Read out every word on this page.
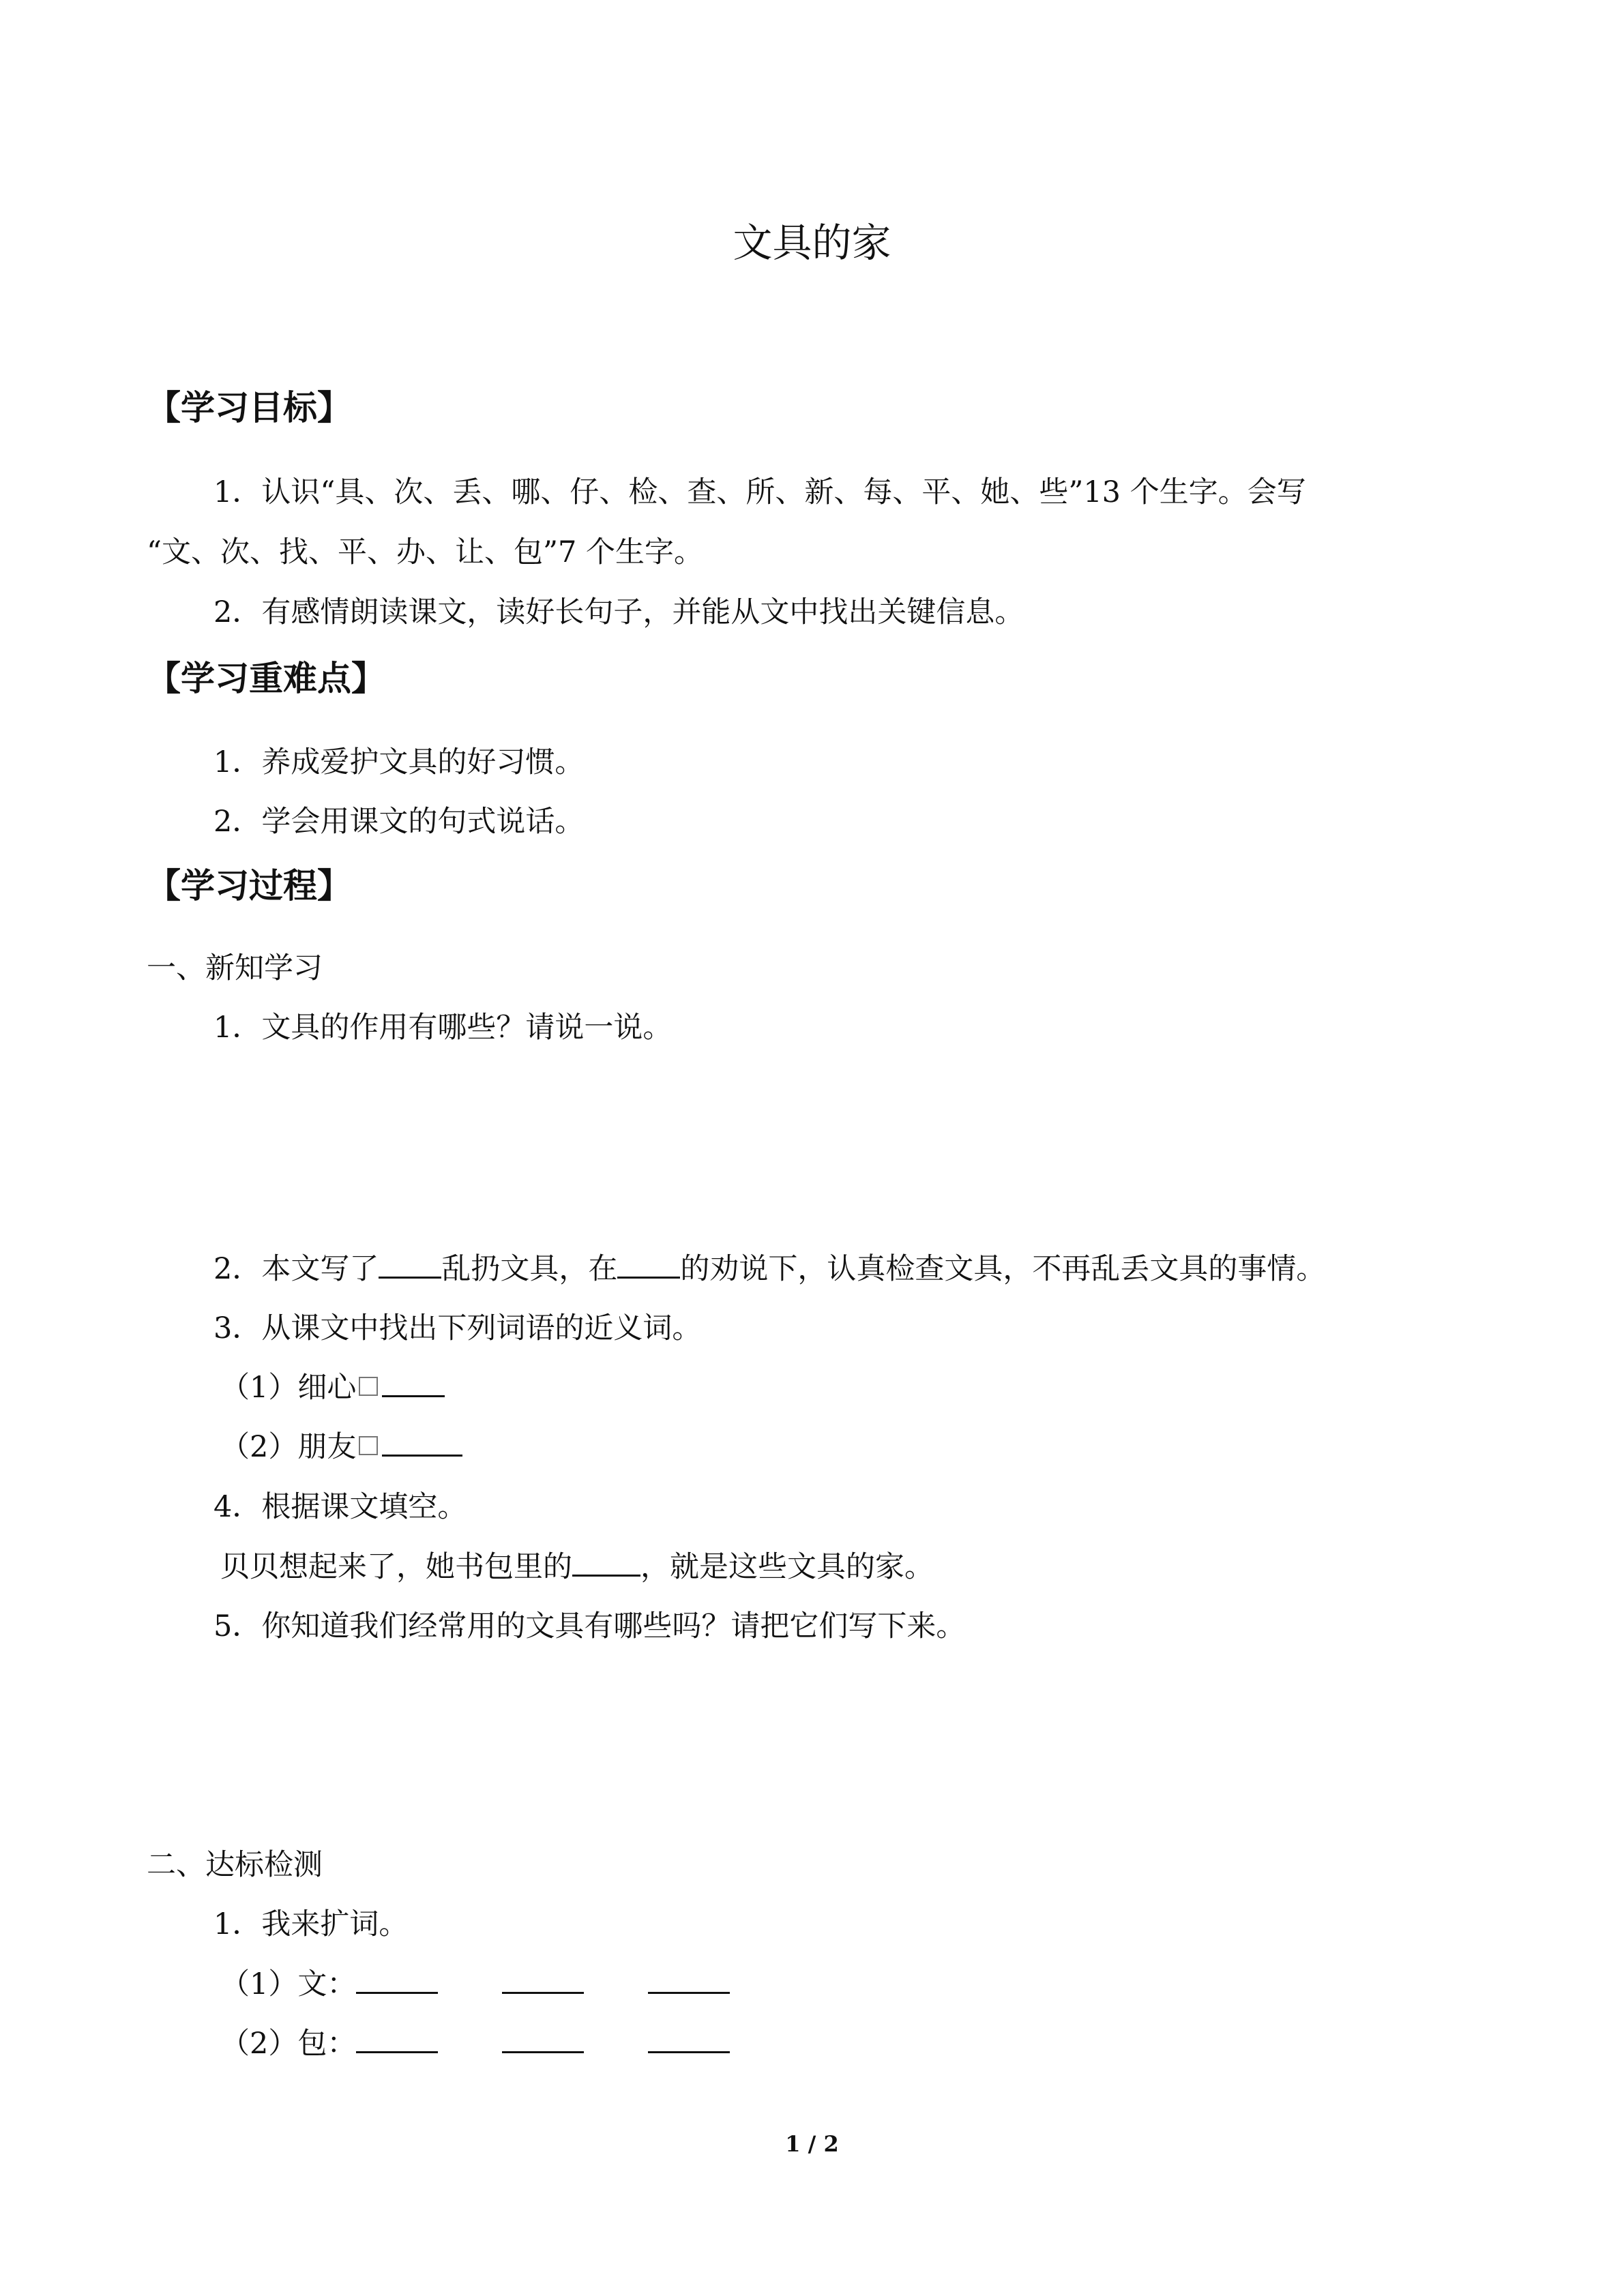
文具的家
【学习目标】
1．认识“具、次、丢、哪、仔、检、查、所、新、每、平、她、些”13 个生字。会写
“文、次、找、平、办、让、包”7 个生字。
2．有感情朗读课文，读好长句子，并能从文中找出关键信息。
【学习重难点】
1．养成爱护文具的好习惯。
2．学会用课文的句式说话。
【学习过程】
一、新知学习
1．文具的作用有哪些？请说一说。
2．本文写了 乱扔文具，在 的劝说下，认真检查文具，不再乱丢文具的事情。
3．从课文中找出下列词语的近义词。
（1）细心
（2）朋友
4．根据课文填空。
贝贝想起来了，她书包里的 ，就是这些文具的家。
5．你知道我们经常用的文具有哪些吗？请把它们写下来。
二、达标检测
1．我来扩词。
（1）文：
（2）包：
1 / 2
